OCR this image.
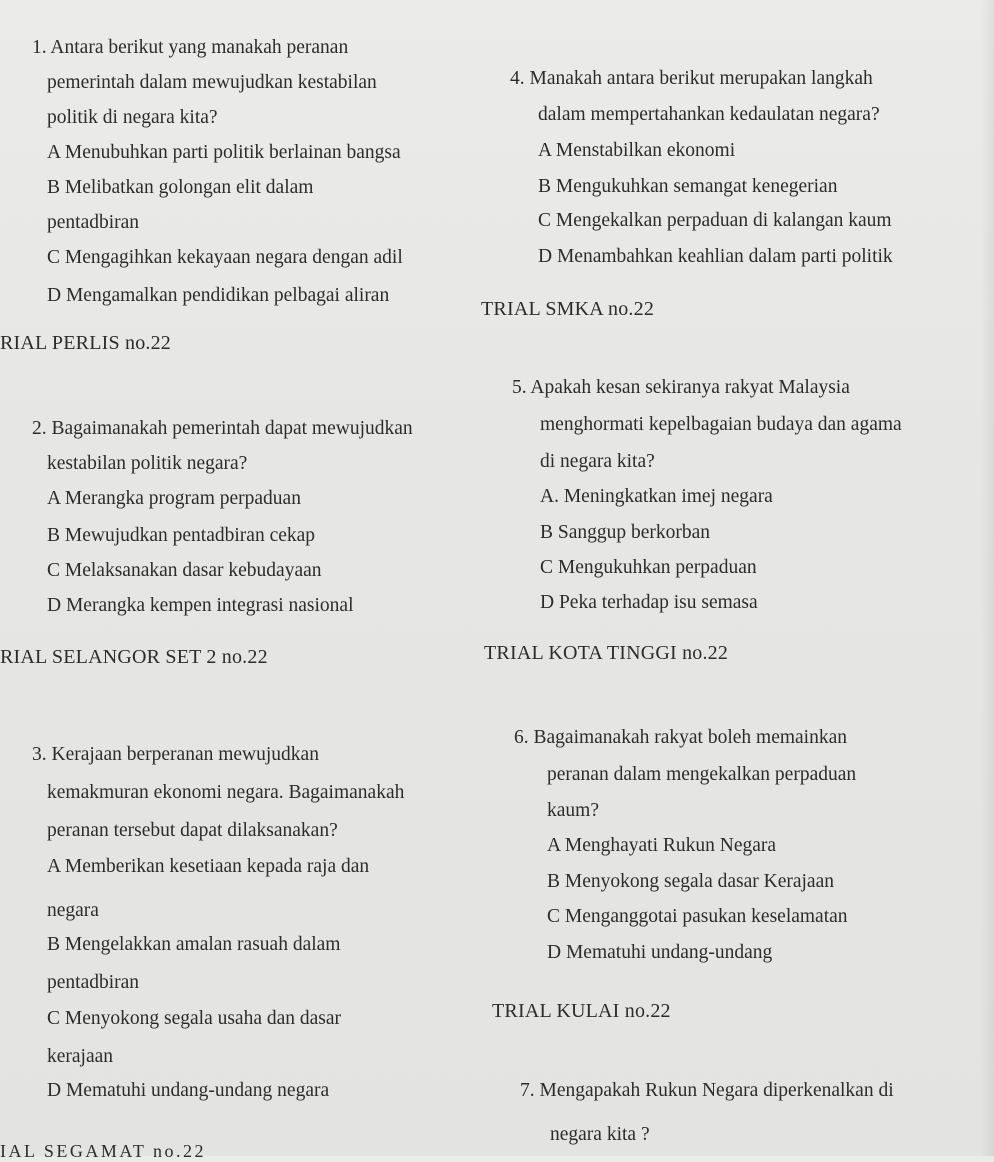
1. Antara berikut yang manakah peranan
pemerintah dalam mewujudkan kestabilan
politik di negara kita?
A Menubuhkan parti politik berlainan bangsa
B Melibatkan golongan elit dalam
pentadbiran
C Mengagihkan kekayaan negara dengan adil
D Mengamalkan pendidikan pelbagai aliran
RIAL PERLIS no.22
2. Bagaimanakah pemerintah dapat mewujudkan
kestabilan politik negara?
A Merangka program perpaduan
B Mewujudkan pentadbiran cekap
C Melaksanakan dasar kebudayaan
D Merangka kempen integrasi nasional
RIAL SELANGOR SET 2 no.22
3. Kerajaan berperanan mewujudkan
kemakmuran ekonomi negara. Bagaimanakah
peranan tersebut dapat dilaksanakan?
A Memberikan kesetiaan kepada raja dan
negara
B Mengelakkan amalan rasuah dalam
pentadbiran
C Menyokong segala usaha dan dasar
kerajaan
D Mematuhi undang-undang negara
IAL SEGAMAT no.22
4. Manakah antara berikut merupakan langkah
dalam mempertahankan kedaulatan negara?
A Menstabilkan ekonomi
B Mengukuhkan semangat kenegerian
C Mengekalkan perpaduan di kalangan kaum
D Menambahkan keahlian dalam parti politik
TRIAL SMKA no.22
5. Apakah kesan sekiranya rakyat Malaysia
menghormati kepelbagaian budaya dan agama
di negara kita?
A. Meningkatkan imej negara
B Sanggup berkorban
C Mengukuhkan perpaduan
D Peka terhadap isu semasa
TRIAL KOTA TINGGI no.22
6. Bagaimanakah rakyat boleh memainkan
peranan dalam mengekalkan perpaduan
kaum?
A Menghayati Rukun Negara
B Menyokong segala dasar Kerajaan
C Menganggotai pasukan keselamatan
D Mematuhi undang-undang
TRIAL KULAI no.22
7. Mengapakah Rukun Negara diperkenalkan di
negara kita ?
